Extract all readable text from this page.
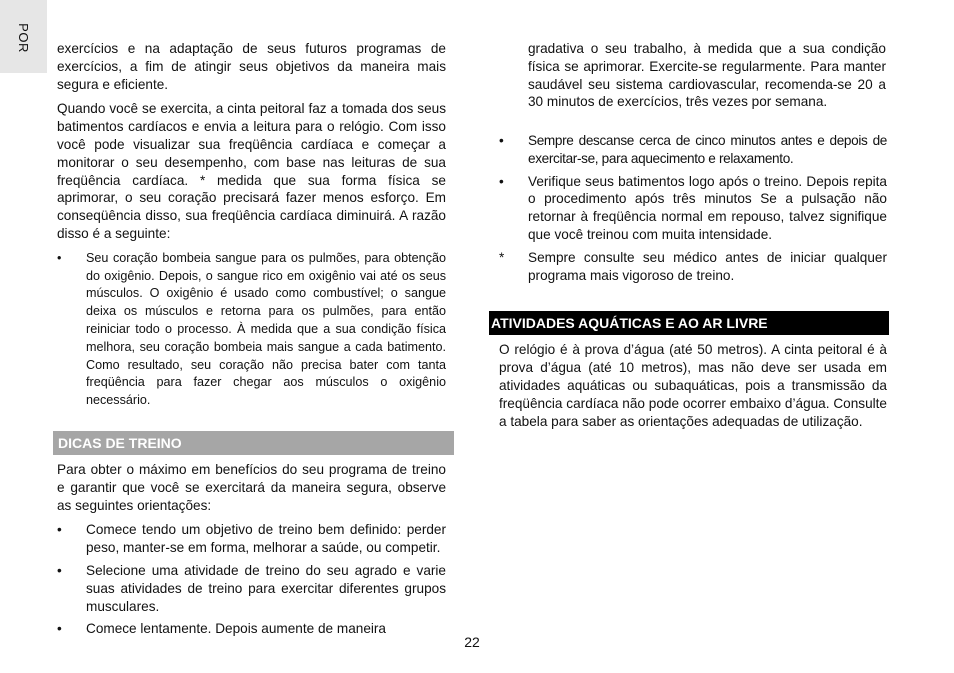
POR exercícios e na adaptação de seus futuros programas de exercícios, a fim de atingir seus objetivos da maneira mais segura e eficiente.

Quando você se exercita, a cinta peitoral faz a tomada dos seus batimentos cardíacos e envia a leitura para o relógio. Com isso você pode visualizar sua freqüência cardíaca e começar a monitorar o seu desempenho, com base nas leituras de sua freqüência cardíaca. * medida que sua forma física se aprimorar, o seu coração precisará fazer menos esforço. Em conseqüência disso, sua freqüência cardíaca diminuirá. A razão disso é a seguinte:

• Seu coração bombeia sangue para os pulmões, para obtenção do oxigênio. Depois, o sangue rico em oxigênio vai até os seus músculos. O oxigênio é usado como combustível; o sangue deixa os músculos e retorna para os pulmões, para então reiniciar todo o processo. À medida que a sua condição física melhora, seu coração bombeia mais sangue a cada batimento. Como resultado, seu coração não precisa bater com tanta freqüência para fazer chegar aos músculos o oxigênio necessário.
DICAS DE TREINO

Para obter o máximo em benefícios do seu programa de treino e garantir que você se exercitará da maneira segura, observe as seguintes orientações:

• Comece tendo um objetivo de treino bem definido: perder peso, manter-se em forma, melhorar a saúde, ou competir.
• Selecione uma atividade de treino do seu agrado e varie suas atividades de treino para exercitar diferentes grupos musculares.
• Comece lentamente. Depois aumente de maneira
gradativa o seu trabalho, à medida que a sua condição física se aprimorar. Exercite-se regularmente. Para manter saudável seu sistema cardiovascular, recomenda-se 20 a 30 minutos de exercícios, três vezes por semana.
• Sempre descanse cerca de cinco minutos antes e depois de exercitar-se, para aquecimento e relaxamento.
• Verifique seus batimentos logo após o treino. Depois repita o procedimento após três minutos Se a pulsação não retornar à freqüência normal em repouso, talvez signifique que você treinou com muita intensidade.
* Sempre consulte seu médico antes de iniciar qualquer programa mais vigoroso de treino.
ATIVIDADES AQUÁTICAS E AO AR LIVRE

O relógio é à prova d’água (até 50 metros). A cinta peitoral é à prova d’água (até 10 metros), mas não deve ser usada em atividades aquáticas ou subaquáticas, pois a transmissão da freqüência cardíaca não pode ocorrer embaixo d’água. Consulte a tabela para saber as orientações adequadas de utilização.

22
